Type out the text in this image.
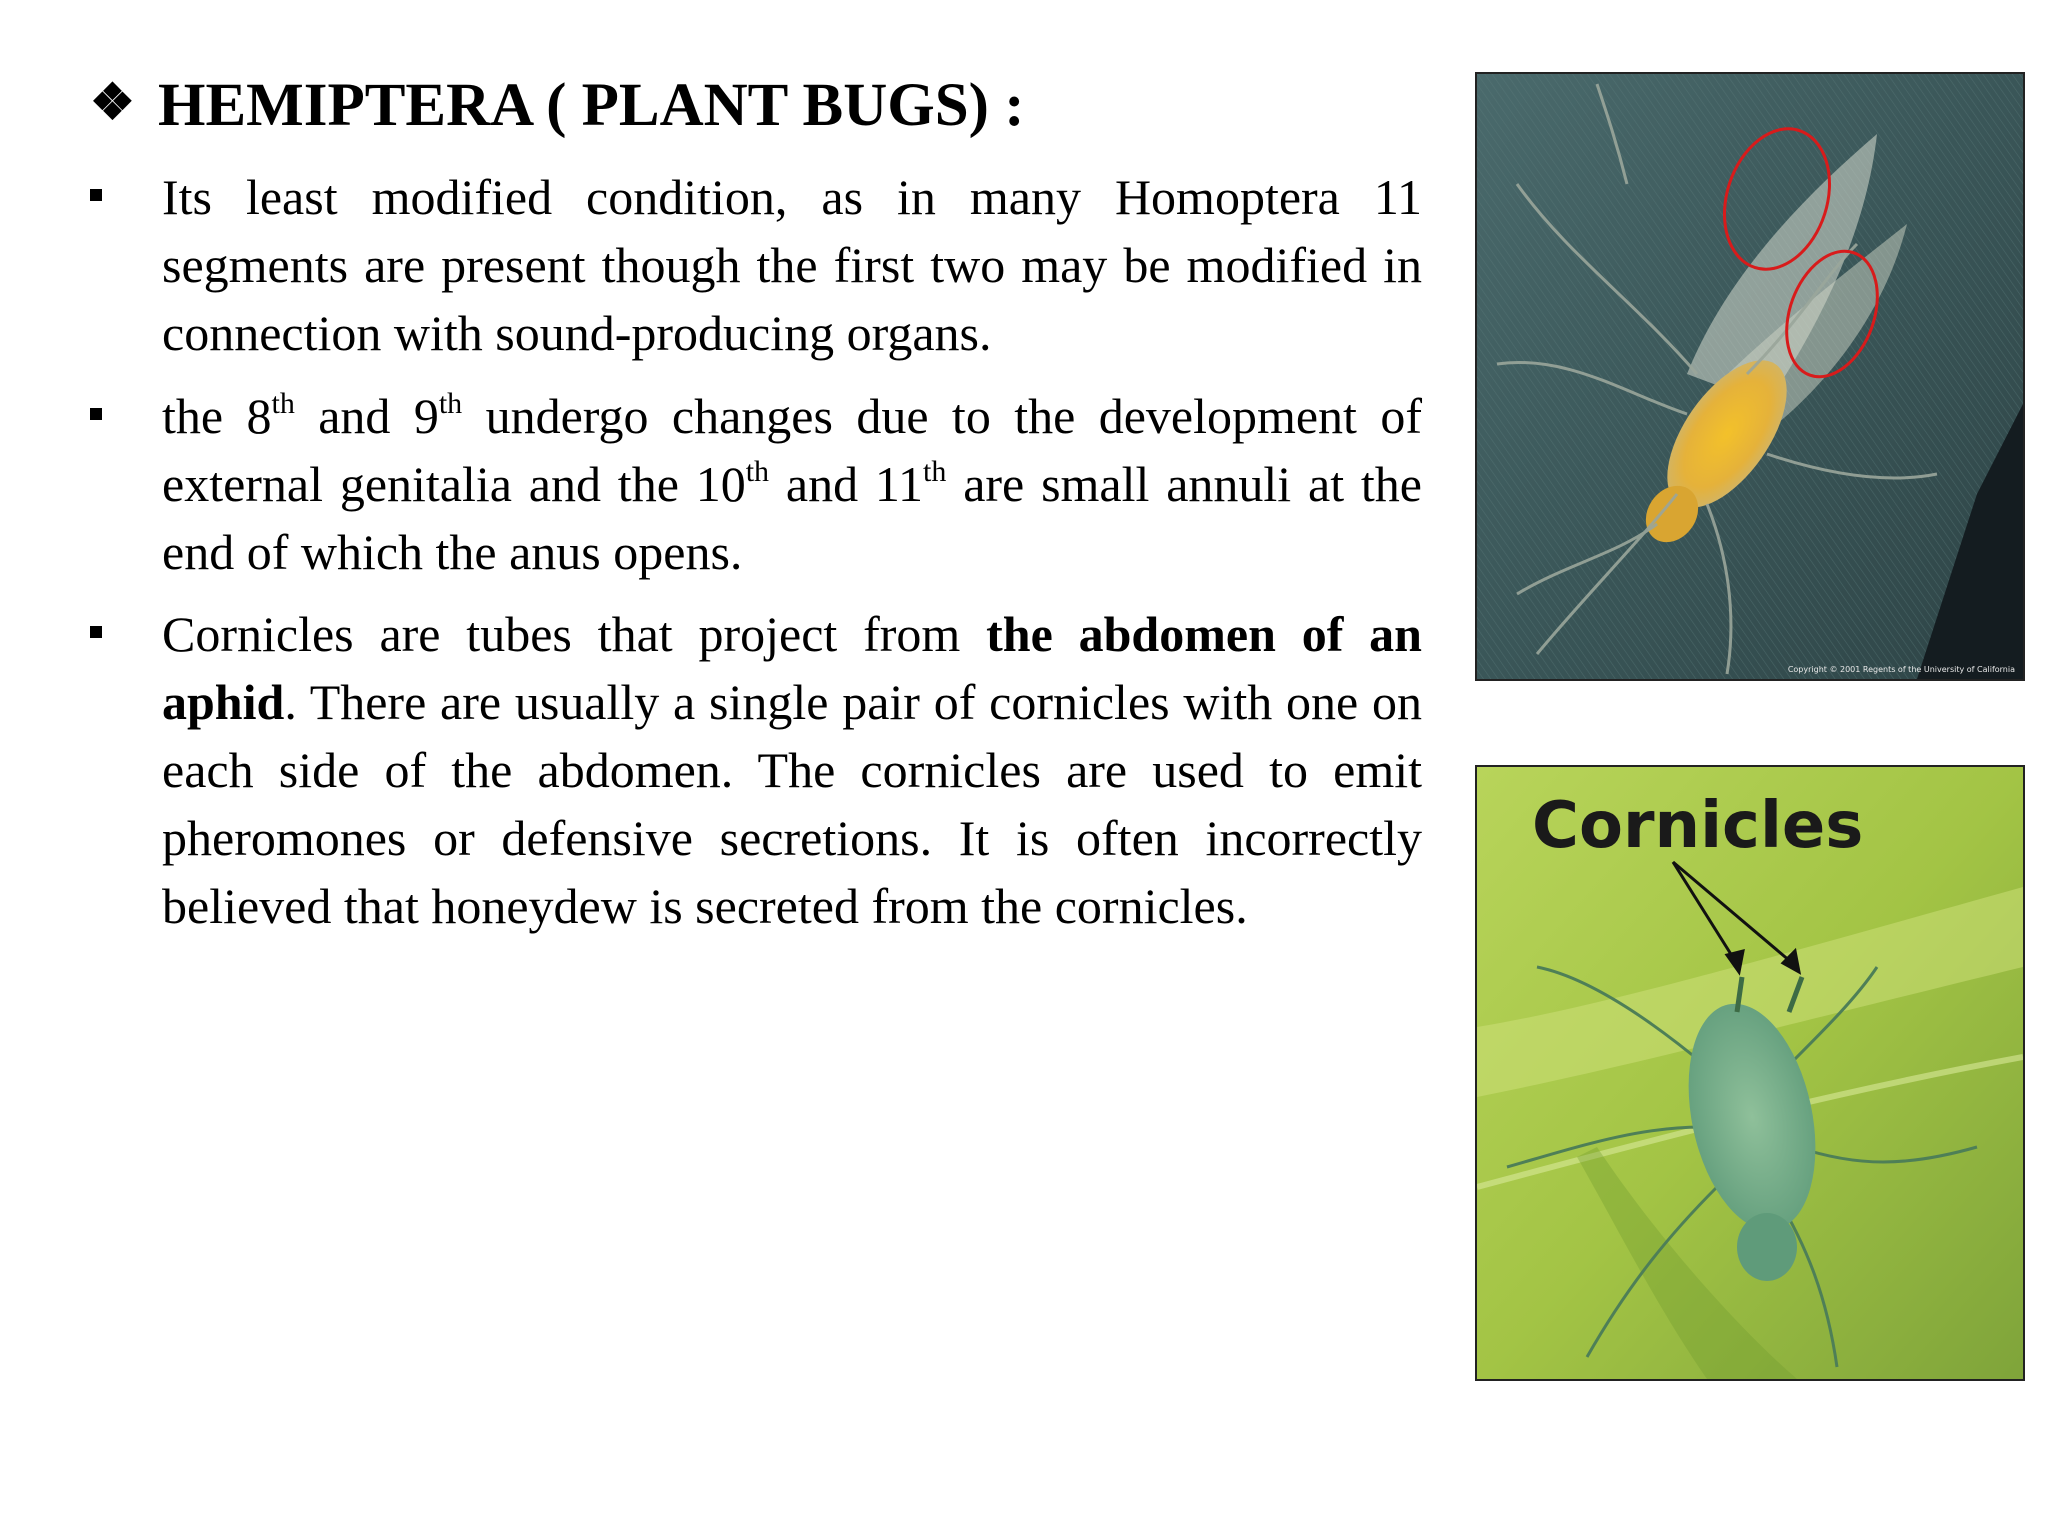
❖ HEMIPTERA ( PLANT BUGS) :
Its least modified condition, as in many Homoptera 11 segments are present though the first two may be modified in connection with sound-producing organs.
the 8th and 9th undergo changes due to the development of external genitalia and the 10th and 11th are small annuli at the end of which the anus opens.
Cornicles are tubes that project from the abdomen of an aphid. There are usually a single pair of cornicles with one on each side of the abdomen. The cornicles are used to emit pheromones or defensive secretions. It is often incorrectly believed that honeydew is secreted from the cornicles.
Copyright © 2001 Regents of the University of California
Cornicles
